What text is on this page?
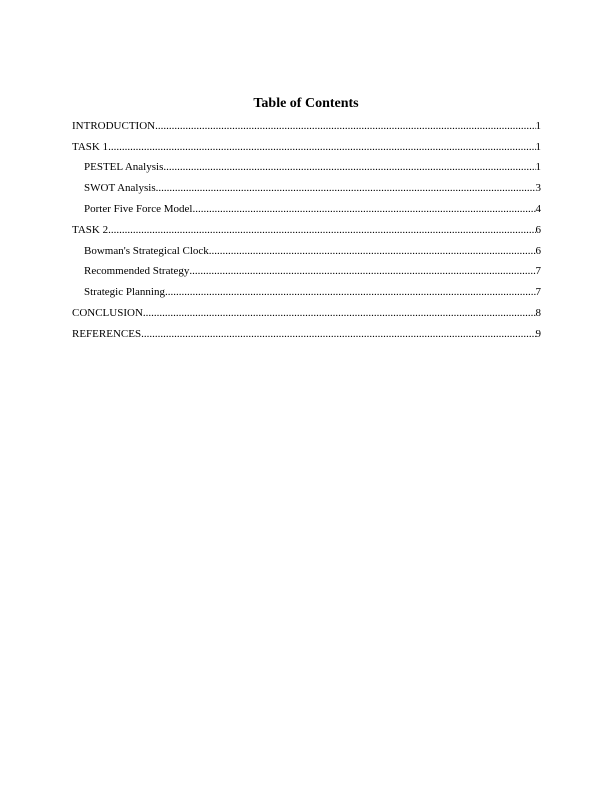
Table of Contents
INTRODUCTION .....	1
TASK 1 .....	1
PESTEL Analysis .....	1
SWOT Analysis .....	3
Porter Five Force Model .....	4
TASK 2 .....	6
Bowman's Strategical Clock .....	6
Recommended Strategy .....	7
Strategic Planning .....	7
CONCLUSION .....	8
REFERENCES .....	9
